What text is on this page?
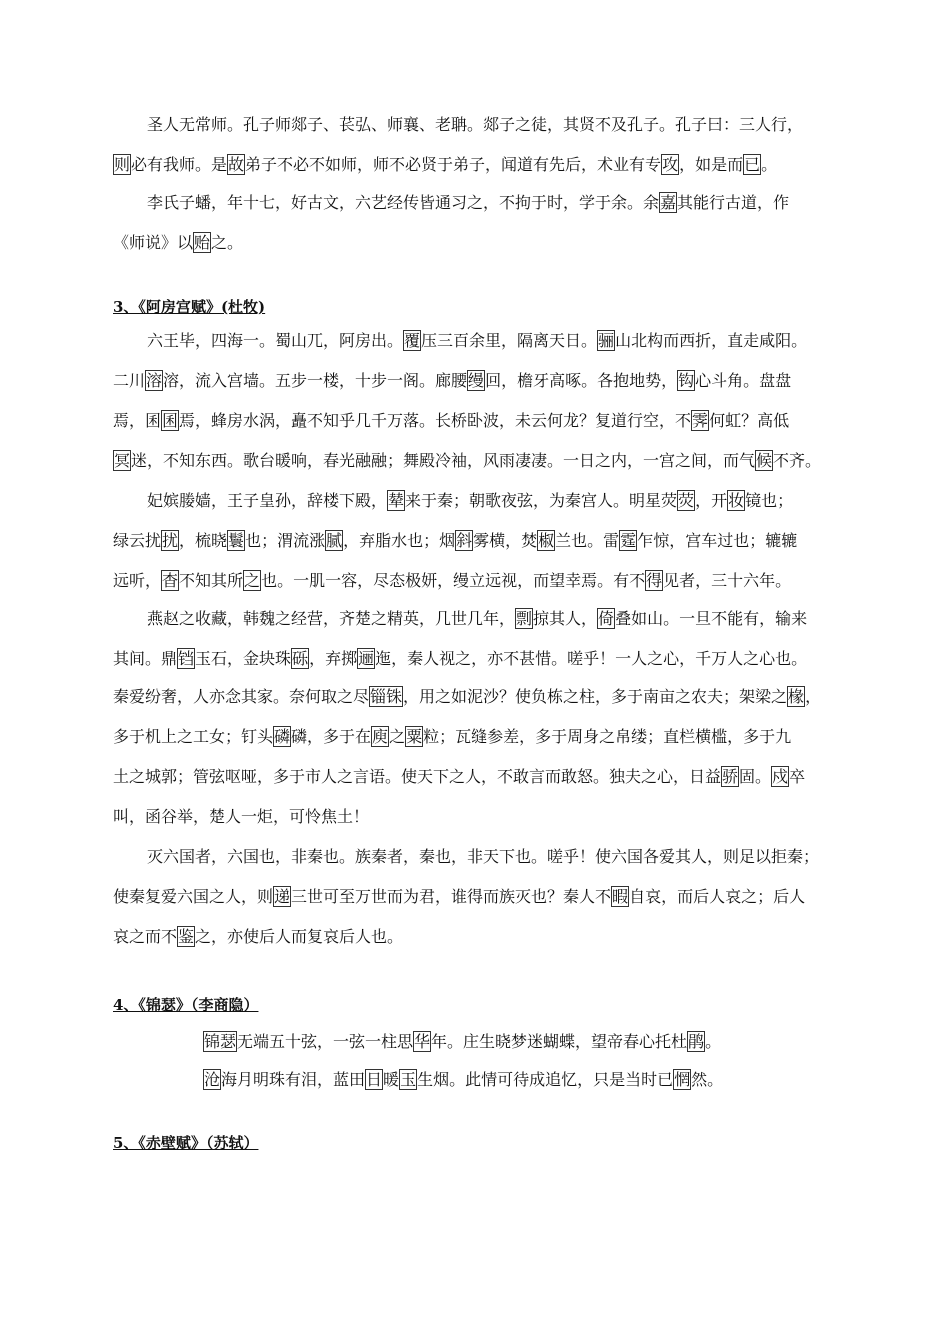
圣人无常师。孔子师郯子、苌弘、师襄、老聃。郯子之徒，其贤不及孔子。孔子曰：三人行，
则必有我师。是故弟子不必不如师，师不必贤于弟子，闻道有先后，术业有专攻，如是而已。
李氏子蟠，年十七，好古文，六艺经传皆通习之，不拘于时，学于余。余嘉其能行古道，作
《师说》以贻之。
3、《阿房宫赋》(杜牧)
六王毕，四海一。蜀山兀，阿房出。覆压三百余里，隔离天日。骊山北构而西折，直走咸阳。
二川溶溶，流入宫墙。五步一楼，十步一阁。廊腰缦回，檐牙高啄。各抱地势，钩心斗角。盘盘
焉，囷囷焉，蜂房水涡，矗不知乎几千万落。长桥卧波，未云何龙？复道行空，不霁何虹？高低
冥迷，不知东西。歌台暖响，春光融融；舞殿冷袖，风雨凄凄。一日之内，一宫之间，而气候不齐。
妃嫔媵嫱，王子皇孙，辞楼下殿，辇来于秦；朝歌夜弦，为秦宫人。明星荧荧，开妆镜也；
绿云扰扰，梳晓鬟也；渭流涨腻，弃脂水也；烟斜雾横，焚椒兰也。雷霆乍惊，宫车过也；辘辘
远听，杳不知其所之也。一肌一容，尽态极妍，缦立远视，而望幸焉。有不得见者，三十六年。
燕赵之收藏，韩魏之经营，齐楚之精英，几世几年，剽掠其人，倚叠如山。一旦不能有，输来
其间。鼎铛玉石，金块珠砾，弃掷逦迤，秦人视之，亦不甚惜。嗟乎！一人之心，千万人之心也。
秦爱纷奢，人亦念其家。奈何取之尽锱铢，用之如泥沙？使负栋之柱，多于南亩之农夫；架梁之椽，
多于机上之工女；钉头磷磷，多于在庾之粟粒；瓦缝参差，多于周身之帛缕；直栏横槛，多于九
土之城郭；管弦呕哑，多于市人之言语。使天下之人，不敢言而敢怒。独夫之心，日益骄固。戍卒
叫，函谷举，楚人一炬，可怜焦土！
灭六国者，六国也，非秦也。族秦者，秦也，非天下也。嗟乎！使六国各爱其人，则足以拒秦；
使秦复爱六国之人，则递三世可至万世而为君，谁得而族灭也？秦人不暇自哀，而后人哀之；后人
哀之而不鉴之，亦使后人而复哀后人也。
4、《锦瑟》（李商隐）
锦瑟无端五十弦，一弦一柱思华年。庄生晓梦迷蝴蝶，望帝春心托杜鹃。
沧海月明珠有泪，蓝田日暖玉生烟。此情可待成追忆，只是当时已惘然。
5、《赤壁赋》（苏轼）
